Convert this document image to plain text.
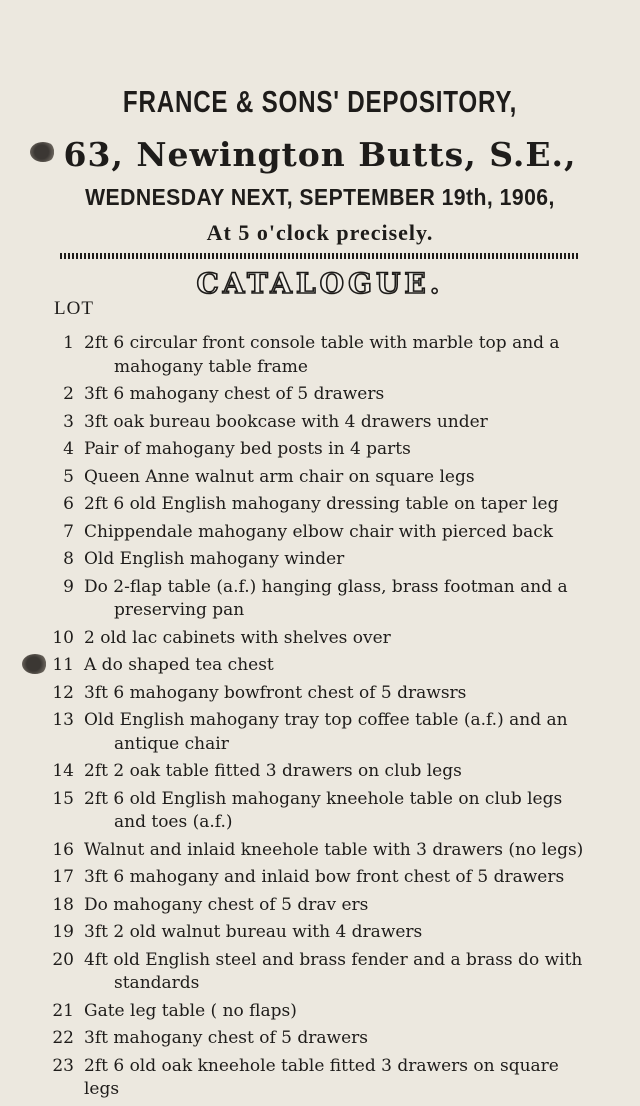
FRANCE & SONS' DEPOSITORY,
63, Newington Butts, S.E.,
WEDNESDAY NEXT, SEPTEMBER 19th, 1906,
At 5 o'clock precisely.
CATALOGUE.
LOT
1 2ft 6 circular front console table with marble top and a
mahogany table frame
2 3ft 6 mahogany chest of 5 drawers
3 3ft oak bureau bookcase with 4 drawers under
4 Pair of mahogany bed posts in 4 parts
5 Queen Anne walnut arm chair on square legs
6 2ft 6 old English mahogany dressing table on taper leg
7 Chippendale mahogany elbow chair with pierced back
8 Old English mahogany winder
9 Do 2-flap table (a.f.) hanging glass, brass footman and a
preserving pan
10 2 old lac cabinets with shelves over
11 A do shaped tea chest
12 3ft 6 mahogany bowfront chest of 5 drawsrs
13 Old English mahogany tray top coffee table (a.f.) and an
antique chair
14 2ft 2 oak table fitted 3 drawers on club legs
15 2ft 6 old English mahogany kneehole table on club legs
and toes (a.f.)
16 Walnut and inlaid kneehole table with 3 drawers (no legs)
17 3ft 6 mahogany and inlaid bow front chest of 5 drawers
18 Do mahogany chest of 5 drav ers
19 3ft 2 old walnut bureau with 4 drawers
20 4ft old English steel and brass fender and a brass do with
standards
21 Gate leg table ( no flaps)
22 3ft mahogany chest of 5 drawers
23 2ft 6 old oak kneehole table fitted 3 drawers on square legs
